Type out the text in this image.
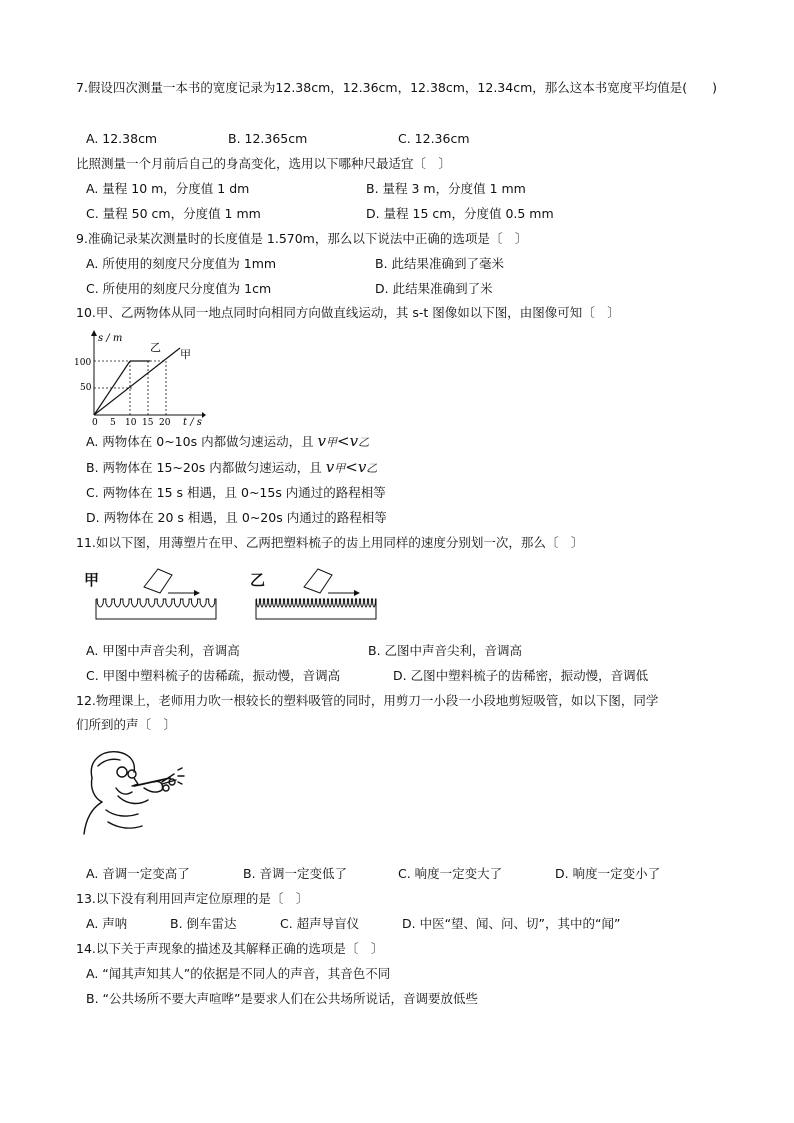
7.假设四次测量一本书的宽度记录为12.38cm，12.36cm，12.38cm，12.34cm，那么这本书宽度平均值是(　　)
A. 12.38cm	B. 12.365cm	C. 12.36cm
比照测量一个月前后自己的身高变化，选用以下哪种尺最适宜〔　〕
A. 量程 10 m，分度值 1 dm	B. 量程 3 m，分度值 1 mm
C. 量程 50 cm，分度值 1 mm	D. 量程 15 cm，分度值 0.5 mm
9.准确记录某次测量时的长度值是 1.570m，那么以下说法中正确的选项是〔　〕
A. 所使用的刻度尺分度值为 1mm	B. 此结果准确到了毫米
C. 所使用的刻度尺分度值为 1cm	D. 此结果准确到了米
10.甲、乙两物体从同一地点同时向相同方向做直线运动，其 s-t 图像如以下图，由图像可知〔　〕
s / m
t / s
100
50
0 5 10 15 20
乙
甲
A. 两物体在 0~10s 内都做匀速运动，且 v甲<v乙
B. 两物体在 15~20s 内都做匀速运动，且 v甲<v乙
C. 两物体在 15 s 相遇，且 0~15s 内通过的路程相等
D. 两物体在 20 s 相遇，且 0~20s 内通过的路程相等
11.如以下图，用薄塑片在甲、乙两把塑料梳子的齿上用同样的速度分别划一次，那么〔　〕
甲	乙
A. 甲图中声音尖利，音调高	B. 乙图中声音尖利，音调高
C. 甲图中塑料梳子的齿稀疏，振动慢，音调高	D. 乙图中塑料梳子的齿稀密，振动慢，音调低
12.物理课上，老师用力吹一根较长的塑料吸管的同时，用剪刀一小段一小段地剪短吸管，如以下图，同学
们所到的声〔　〕
A. 音调一定变高了	B. 音调一定变低了	C. 响度一定变大了	D. 响度一定变小了
13.以下没有利用回声定位原理的是〔　〕
A. 声呐	B. 倒车雷达	C. 超声导盲仪	D. 中医“望、闻、问、切”，其中的“闻”
14.以下关于声现象的描述及其解释正确的选项是〔　〕
A. “闻其声知其人”的依据是不同人的声音，其音色不同
B. “公共场所不要大声喧哗”是要求人们在公共场所说话，音调要放低些
